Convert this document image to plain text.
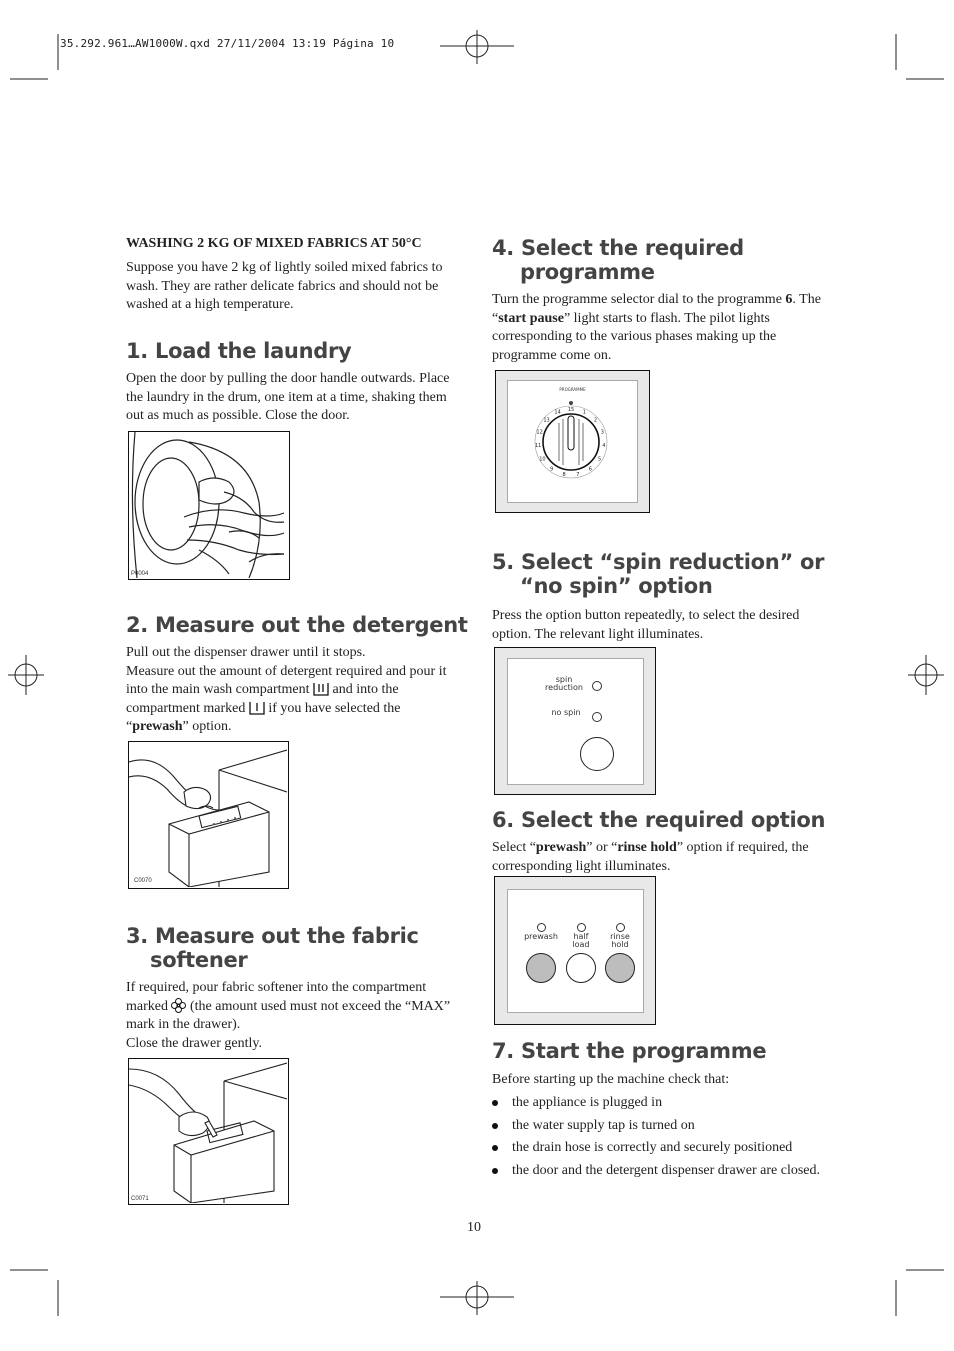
35.292.961…AW1000W.qxd 27/11/2004 13:19 Página 10
WASHING 2 KG OF MIXED FABRICS AT 50°C

Suppose you have 2 kg of lightly soiled mixed fabrics to wash. They are rather delicate fabrics and should not be washed at a high temperature.

1. Load the laundry

Open the door by pulling the door handle outwards. Place the laundry in the drum, one item at a time, shaking them out as much as possible. Close the door.

P0004
2. Measure out the detergent
Pull out the dispenser drawer until it stops.
Measure out the amount of detergent required and pour it into the main wash compartment and into the compartment marked if you have selected the “prewash” option.
C0070
3. Measure out the fabric
softener
If required, pour fabric softener into the compartment marked (the amount used must not exceed the “MAX” mark in the drawer).
Close the drawer gently.
C0071
4. Select the required
programme
Turn the programme selector dial to the programme 6. The “start pause” light starts to flash. The pilot lights corresponding to the various phases making up the programme come on.
PROGRAMME
1
2
3
4
5
6
7
8
9
10
11
12
13
14 15
5. Select “spin reduction” or
“no spin” option

Press the option button repeatedly, to select the desired option. The relevant light illuminates.

spin
reduction
no spin
6. Select the required option
Select “prewash” or “rinse hold” option if required, the corresponding light illuminates.
prewash	half
load
rinse
hold
7. Start the programme

Before starting up the machine check that:

the appliance is plugged in
the water supply tap is turned on
the drain hose is correctly and securely positioned
the door and the detergent dispenser drawer are closed.
10
